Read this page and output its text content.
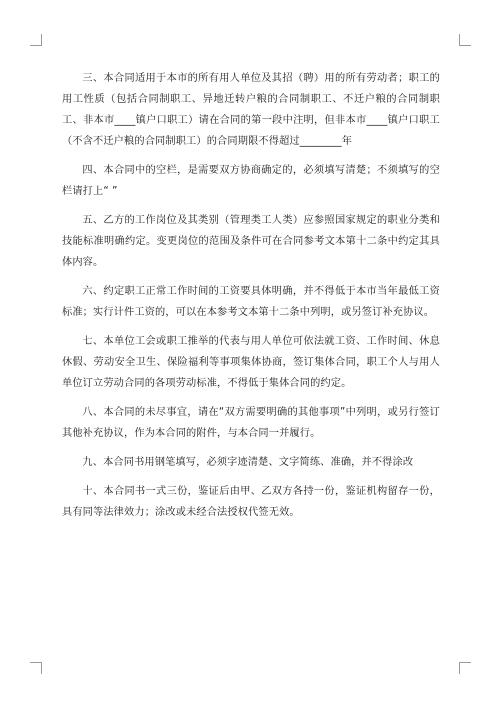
三、本合同适用于本市的所有用人单位及其招（聘）用的所有劳动者；职工的用工性质（包括合同制职工、异地迁转户粮的合同制职工、不迁户粮的合同制职工、非本市____镇户口职工）请在合同的第一段中注明，但非本市____镇户口职工（不含不迁户粮的合同制职工）的合同期限不得超过________年

四、本合同中的空栏，是需要双方协商确定的，必须填写清楚；不须填写的空栏请打上“ ”

五、乙方的工作岗位及其类别（管理类工人类）应参照国家规定的职业分类和技能标准明确约定。变更岗位的范围及条件可在合同参考文本第十二条中约定其具体内容。

六、约定职工正常工作时间的工资要具体明确，并不得低于本市当年最低工资标准；实行计件工资的，可以在本参考文本第十二条中列明，或另签订补充协议。

七、本单位工会或职工推举的代表与用人单位可依法就工资、工作时间、休息休假、劳动安全卫生、保险福利等事项集体协商，签订集体合同，职工个人与用人单位订立劳动合同的各项劳动标准，不得低于集体合同的约定。

八、本合同的未尽事宜，请在“双方需要明确的其他事项”中列明，或另行签订其他补充协议，作为本合同的附件，与本合同一并履行。

九、本合同书用钢笔填写，必须字迹清楚、文字简练、准确，并不得涂改

十、本合同书一式三份，鉴证后由甲、乙双方各持一份，鉴证机构留存一份，具有同等法律效力；涂改或未经合法授权代签无效。
